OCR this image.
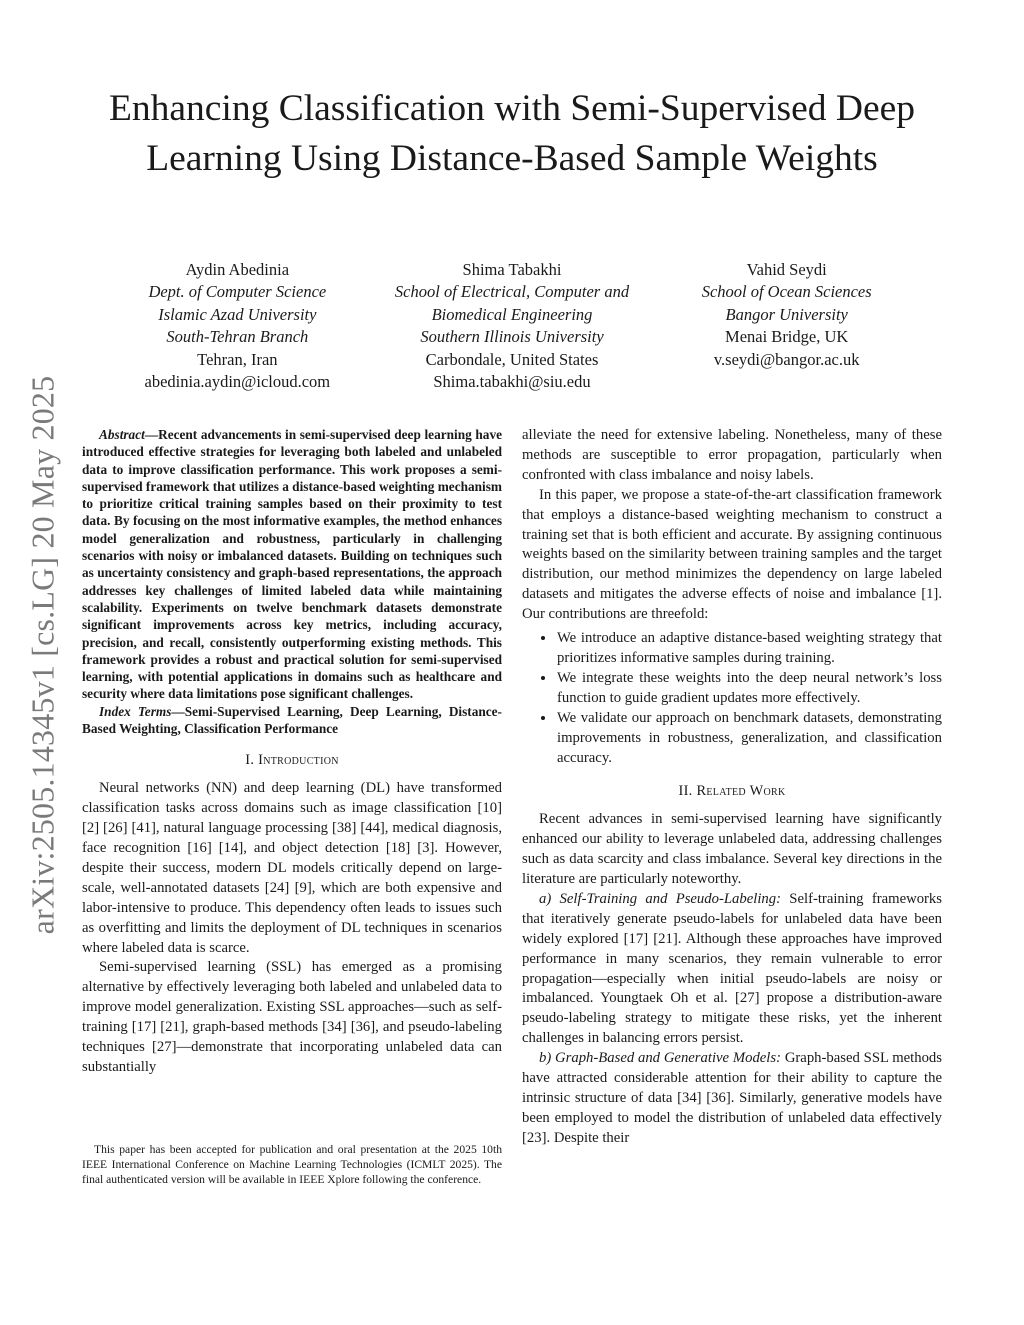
Enhancing Classification with Semi-Supervised Deep Learning Using Distance-Based Sample Weights
Aydin Abedinia
Dept. of Computer Science
Islamic Azad University
South-Tehran Branch
Tehran, Iran
abedinia.aydin@icloud.com
Shima Tabakhi
School of Electrical, Computer and
Biomedical Engineering
Southern Illinois University
Carbondale, United States
Shima.tabakhi@siu.edu
Vahid Seydi
School of Ocean Sciences
Bangor University
Menai Bridge, UK
v.seydi@bangor.ac.uk
arXiv:2505.14345v1 [cs.LG] 20 May 2025	Abstract—Recent advancements in semi-supervised deep learning have introduced effective strategies for leveraging both labeled and unlabeled data to improve classification performance. This work proposes a semi-supervised framework that utilizes a distance-based weighting mechanism to prioritize critical training samples based on their proximity to test data. By focusing on the most informative examples, the method enhances model generalization and robustness, particularly in challenging scenarios with noisy or imbalanced datasets. Building on techniques such as uncertainty consistency and graph-based representations, the approach addresses key challenges of limited labeled data while maintaining scalability. Experiments on twelve benchmark datasets demonstrate significant improvements across key metrics, including accuracy, precision, and recall, consistently outperforming existing methods. This framework provides a robust and practical solution for semi-supervised learning, with potential applications in domains such as healthcare and security where data limitations pose significant challenges.

Index Terms—Semi-Supervised Learning, Deep Learning, Distance-Based Weighting, Classification Performance

I. Introduction

Neural networks (NN) and deep learning (DL) have transformed classification tasks across domains such as image classification [10] [2] [26] [41], natural language processing [38] [44], medical diagnosis, face recognition [16] [14], and object detection [18] [3]. However, despite their success, modern DL models critically depend on large-scale, well-annotated datasets [24] [9], which are both expensive and labor-intensive to produce. This dependency often leads to issues such as overfitting and limits the deployment of DL techniques in scenarios where labeled data is scarce.

Semi-supervised learning (SSL) has emerged as a promising alternative by effectively leveraging both labeled and unlabeled data to improve model generalization. Existing SSL approaches—such as self-training [17] [21], graph-based methods [34] [36], and pseudo-labeling techniques [27]—demonstrate that incorporating unlabeled data can substantially

alleviate the need for extensive labeling. Nonetheless, many of these methods are susceptible to error propagation, particularly when confronted with class imbalance and noisy labels.

In this paper, we propose a state-of-the-art classification framework that employs a distance-based weighting mechanism to construct a training set that is both efficient and accurate. By assigning continuous weights based on the similarity between training samples and the target distribution, our method minimizes the dependency on large labeled datasets and mitigates the adverse effects of noise and imbalance [1]. Our contributions are threefold:

• We introduce an adaptive distance-based weighting strategy that prioritizes informative samples during training.
• We integrate these weights into the deep neural network’s loss function to guide gradient updates more effectively.
• We validate our approach on benchmark datasets, demonstrating improvements in robustness, generalization, and classification accuracy.
II. Related Work

Recent advances in semi-supervised learning have significantly enhanced our ability to leverage unlabeled data, addressing challenges such as data scarcity and class imbalance. Several key directions in the literature are particularly noteworthy.

a) Self-Training and Pseudo-Labeling: Self-training frameworks that iteratively generate pseudo-labels for unlabeled data have been widely explored [17] [21]. Although these approaches have improved performance in many scenarios, they remain vulnerable to error propagation—especially when initial pseudo-labels are noisy or imbalanced. Youngtaek Oh et al. [27] propose a distribution-aware pseudo-labeling strategy to mitigate these risks, yet the inherent challenges in balancing errors persist.

b) Graph-Based and Generative Models: Graph-based SSL methods have attracted considerable attention for their ability to capture the intrinsic structure of data [34] [36]. Similarly, generative models have been employed to model the distribution of unlabeled data effectively [23]. Despite their

This paper has been accepted for publication and oral presentation at the 2025 10th IEEE International Conference on Machine Learning Technologies (ICMLT 2025). The final authenticated version will be available in IEEE Xplore following the conference.
